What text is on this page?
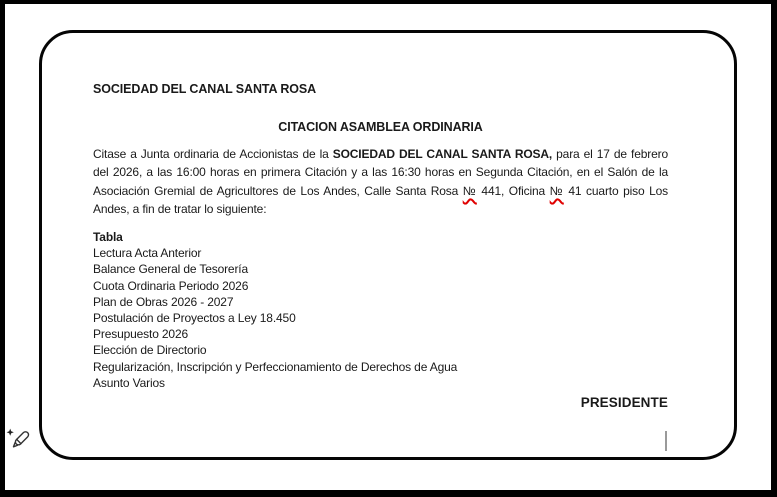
SOCIEDAD DEL CANAL SANTA ROSA
CITACION ASAMBLEA ORDINARIA
Citase a Junta ordinaria de Accionistas de la SOCIEDAD DEL CANAL SANTA ROSA, para el 17 de febrero
del 2026, a las 16:00 horas en primera Citación y a las 16:30 horas en Segunda Citación, en el Salón de la
Asociación Gremial de Agricultores de Los Andes, Calle Santa Rosa № 441, Oficina № 41 cuarto piso Los
Andes, a fin de tratar lo siguiente:
Tabla
Lectura Acta Anterior
Balance General de Tesorería
Cuota Ordinaria Periodo 2026
Plan de Obras 2026 - 2027
Postulación de Proyectos a Ley 18.450
Presupuesto 2026
Elección de Directorio
Regularización, Inscripción y Perfeccionamiento de Derechos de Agua
Asunto Varios
PRESIDENTE
